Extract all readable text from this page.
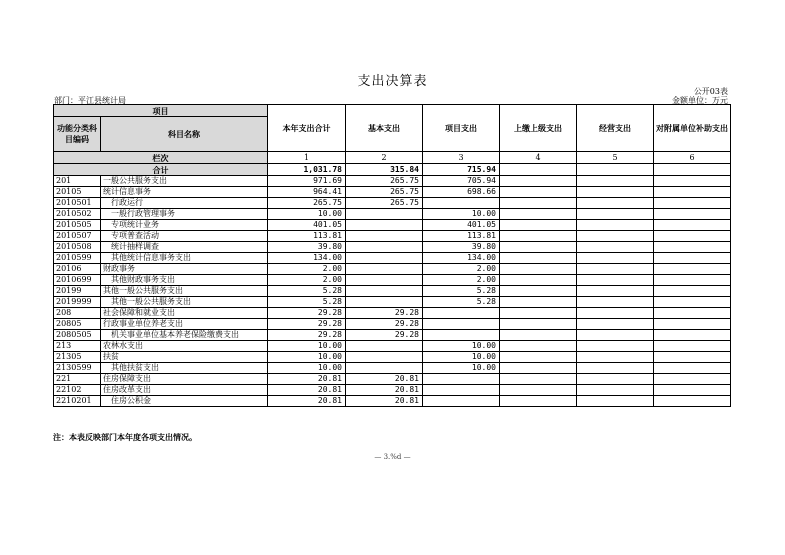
支出决算表
公开03表
部门：平江县统计局	金额单位：万元
项目		本年支出合计	基本支出	项目支出	上缴上级支出	经营支出	对附属单位补助支出
功能分类科目编码	科目名称						
栏次		1	2	3	4	5	6
合计		1,031.78	315.84	715.94			
201	一般公共服务支出	971.69	265.75	705.94			
20105	统计信息事务	964.41	265.75	698.66			
2010501	　行政运行	265.75	265.75				
2010502	　一般行政管理事务	10.00		10.00			
2010505	　专项统计业务	401.05		401.05			
2010507	　专项普查活动	113.81		113.81			
2010508	　统计抽样调查	39.80		39.80			
2010599	　其他统计信息事务支出	134.00		134.00			
20106	财政事务	2.00		2.00			
2010699	　其他财政事务支出	2.00		2.00			
20199	其他一般公共服务支出	5.28		5.28			
2019999	　其他一般公共服务支出	5.28		5.28			
208	社会保障和就业支出	29.28	29.28				
20805	行政事业单位养老支出	29.28	29.28				
2080505	　机关事业单位基本养老保险缴费支出	29.28	29.28				
213	农林水支出	10.00		10.00			
21305	扶贫	10.00		10.00			
2130599	　其他扶贫支出	10.00		10.00			
221	住房保障支出	20.81	20.81				
22102	住房改革支出	20.81	20.81				
2210201	　住房公积金	20.81	20.81				
注：本表反映部门本年度各项支出情况。
— 3.%d —
